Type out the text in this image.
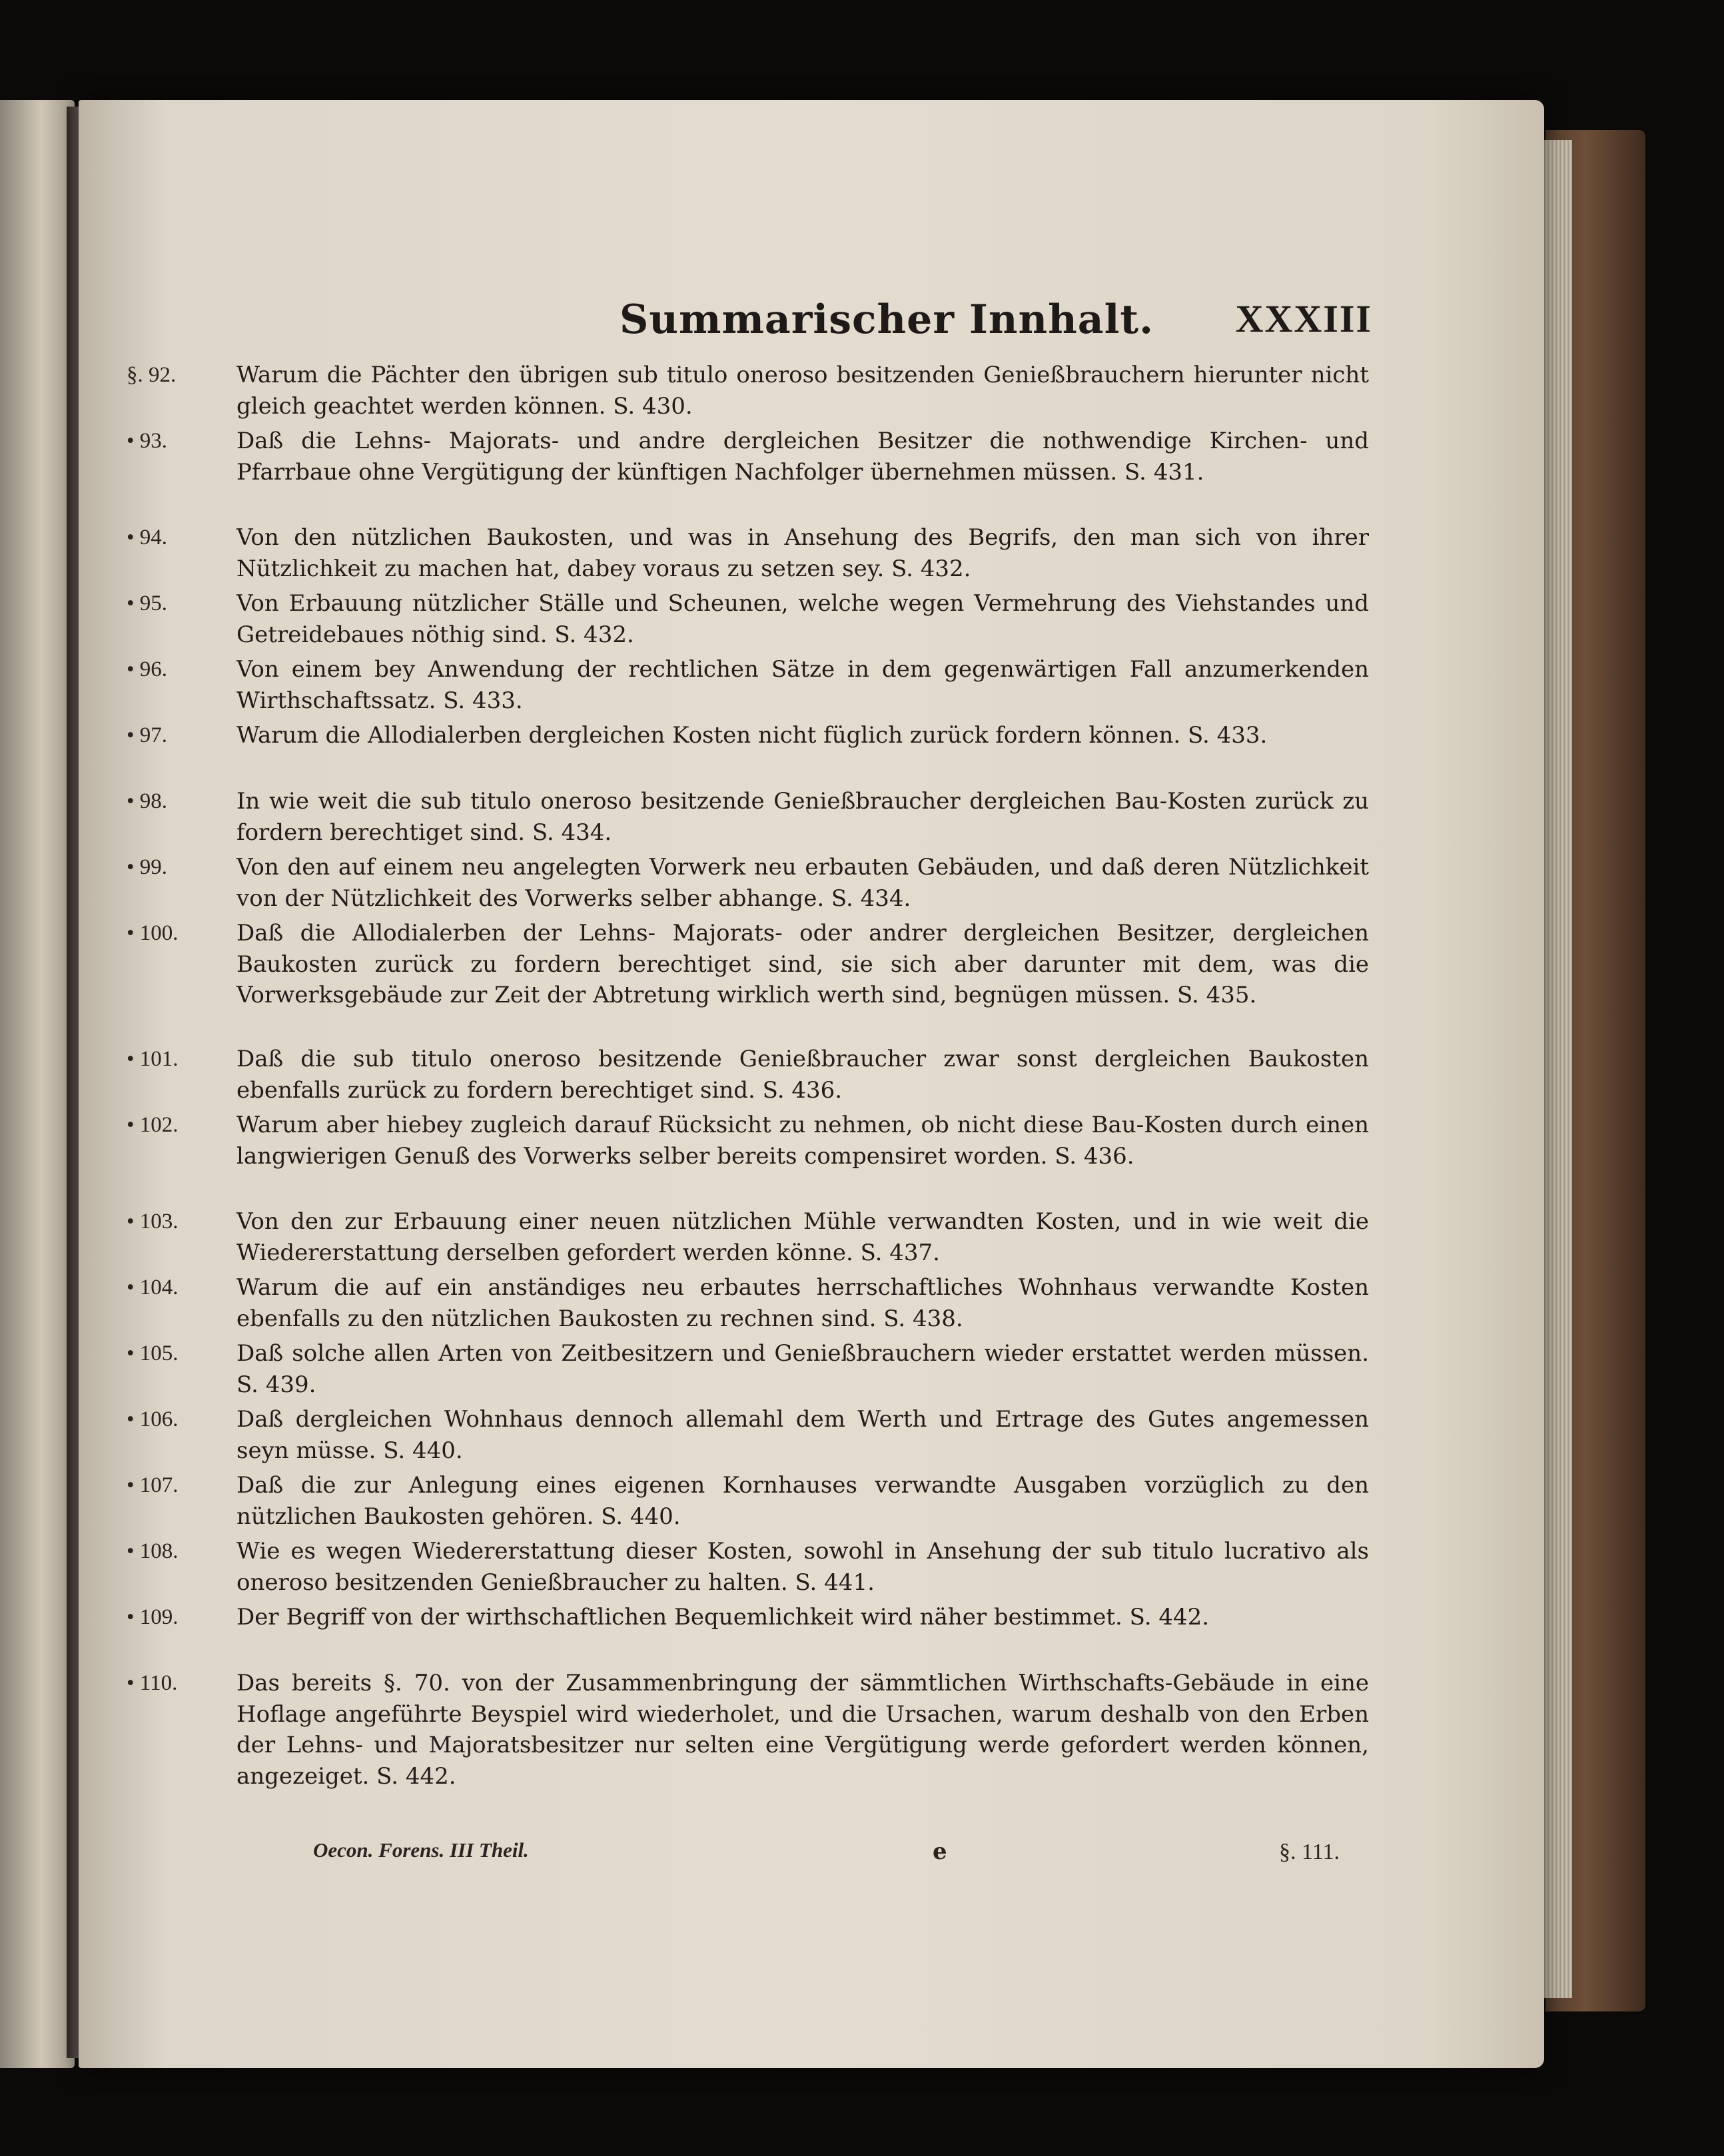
Summarischer Innhalt. XXXIII
§. 92.	Warum die Pächter den übrigen sub titulo oneroso besitzenden Genießbrauchern hierunter nicht gleich geachtet werden können. S. 430.
• 93.	Daß die Lehns- Majorats- und andre dergleichen Besitzer die nothwendige Kirchen- und Pfarrbaue ohne Vergütigung der künftigen Nachfolger übernehmen müssen. S. 431.
• 94.	Von den nützlichen Baukosten, und was in Ansehung des Begrifs, den man sich von ihrer Nützlichkeit zu machen hat, dabey voraus zu setzen sey. S. 432.
• 95.	Von Erbauung nützlicher Ställe und Scheunen, welche wegen Vermehrung des Viehstandes und Getreidebaues nöthig sind. S. 432.
• 96.	Von einem bey Anwendung der rechtlichen Sätze in dem gegenwärtigen Fall anzumerkenden Wirthschaftssatz. S. 433.
• 97.	Warum die Allodialerben dergleichen Kosten nicht füglich zurück fordern können. S. 433.
• 98.	In wie weit die sub titulo oneroso besitzende Genießbraucher dergleichen Bau-Kosten zurück zu fordern berechtiget sind. S. 434.
• 99.	Von den auf einem neu angelegten Vorwerk neu erbauten Gebäuden, und daß deren Nützlichkeit von der Nützlichkeit des Vorwerks selber abhange. S. 434.
• 100.	Daß die Allodialerben der Lehns- Majorats- oder andrer dergleichen Besitzer, dergleichen Baukosten zurück zu fordern berechtiget sind, sie sich aber darunter mit dem, was die Vorwerksgebäude zur Zeit der Abtretung wirklich werth sind, begnügen müssen. S. 435.
• 101.	Daß die sub titulo oneroso besitzende Genießbraucher zwar sonst dergleichen Baukosten ebenfalls zurück zu fordern berechtiget sind. S. 436.
• 102.	Warum aber hiebey zugleich darauf Rücksicht zu nehmen, ob nicht diese Bau-Kosten durch einen langwierigen Genuß des Vorwerks selber bereits compensiret worden. S. 436.
• 103.	Von den zur Erbauung einer neuen nützlichen Mühle verwandten Kosten, und in wie weit die Wiedererstattung derselben gefordert werden könne. S. 437.
• 104.	Warum die auf ein anständiges neu erbautes herrschaftliches Wohnhaus verwandte Kosten ebenfalls zu den nützlichen Baukosten zu rechnen sind. S. 438.
• 105.	Daß solche allen Arten von Zeitbesitzern und Genießbrauchern wieder erstattet werden müssen. S. 439.
• 106.	Daß dergleichen Wohnhaus dennoch allemahl dem Werth und Ertrage des Gutes angemessen seyn müsse. S. 440.
• 107.	Daß die zur Anlegung eines eigenen Kornhauses verwandte Ausgaben vorzüglich zu den nützlichen Baukosten gehören. S. 440.
• 108.	Wie es wegen Wiedererstattung dieser Kosten, sowohl in Ansehung der sub titulo lucrativo als oneroso besitzenden Genießbraucher zu halten. S. 441.
• 109.	Der Begriff von der wirthschaftlichen Bequemlichkeit wird näher bestimmet. S. 442.
• 110.	Das bereits §. 70. von der Zusammenbringung der sämmtlichen Wirthschafts-Gebäude in eine Hoflage angeführte Beyspiel wird wiederholet, und die Ursachen, warum deshalb von den Erben der Lehns- und Majoratsbesitzer nur selten eine Vergütigung werde gefordert werden können, angezeiget. S. 442.
Oecon. Forens. III Theil.	e	§. 111.
